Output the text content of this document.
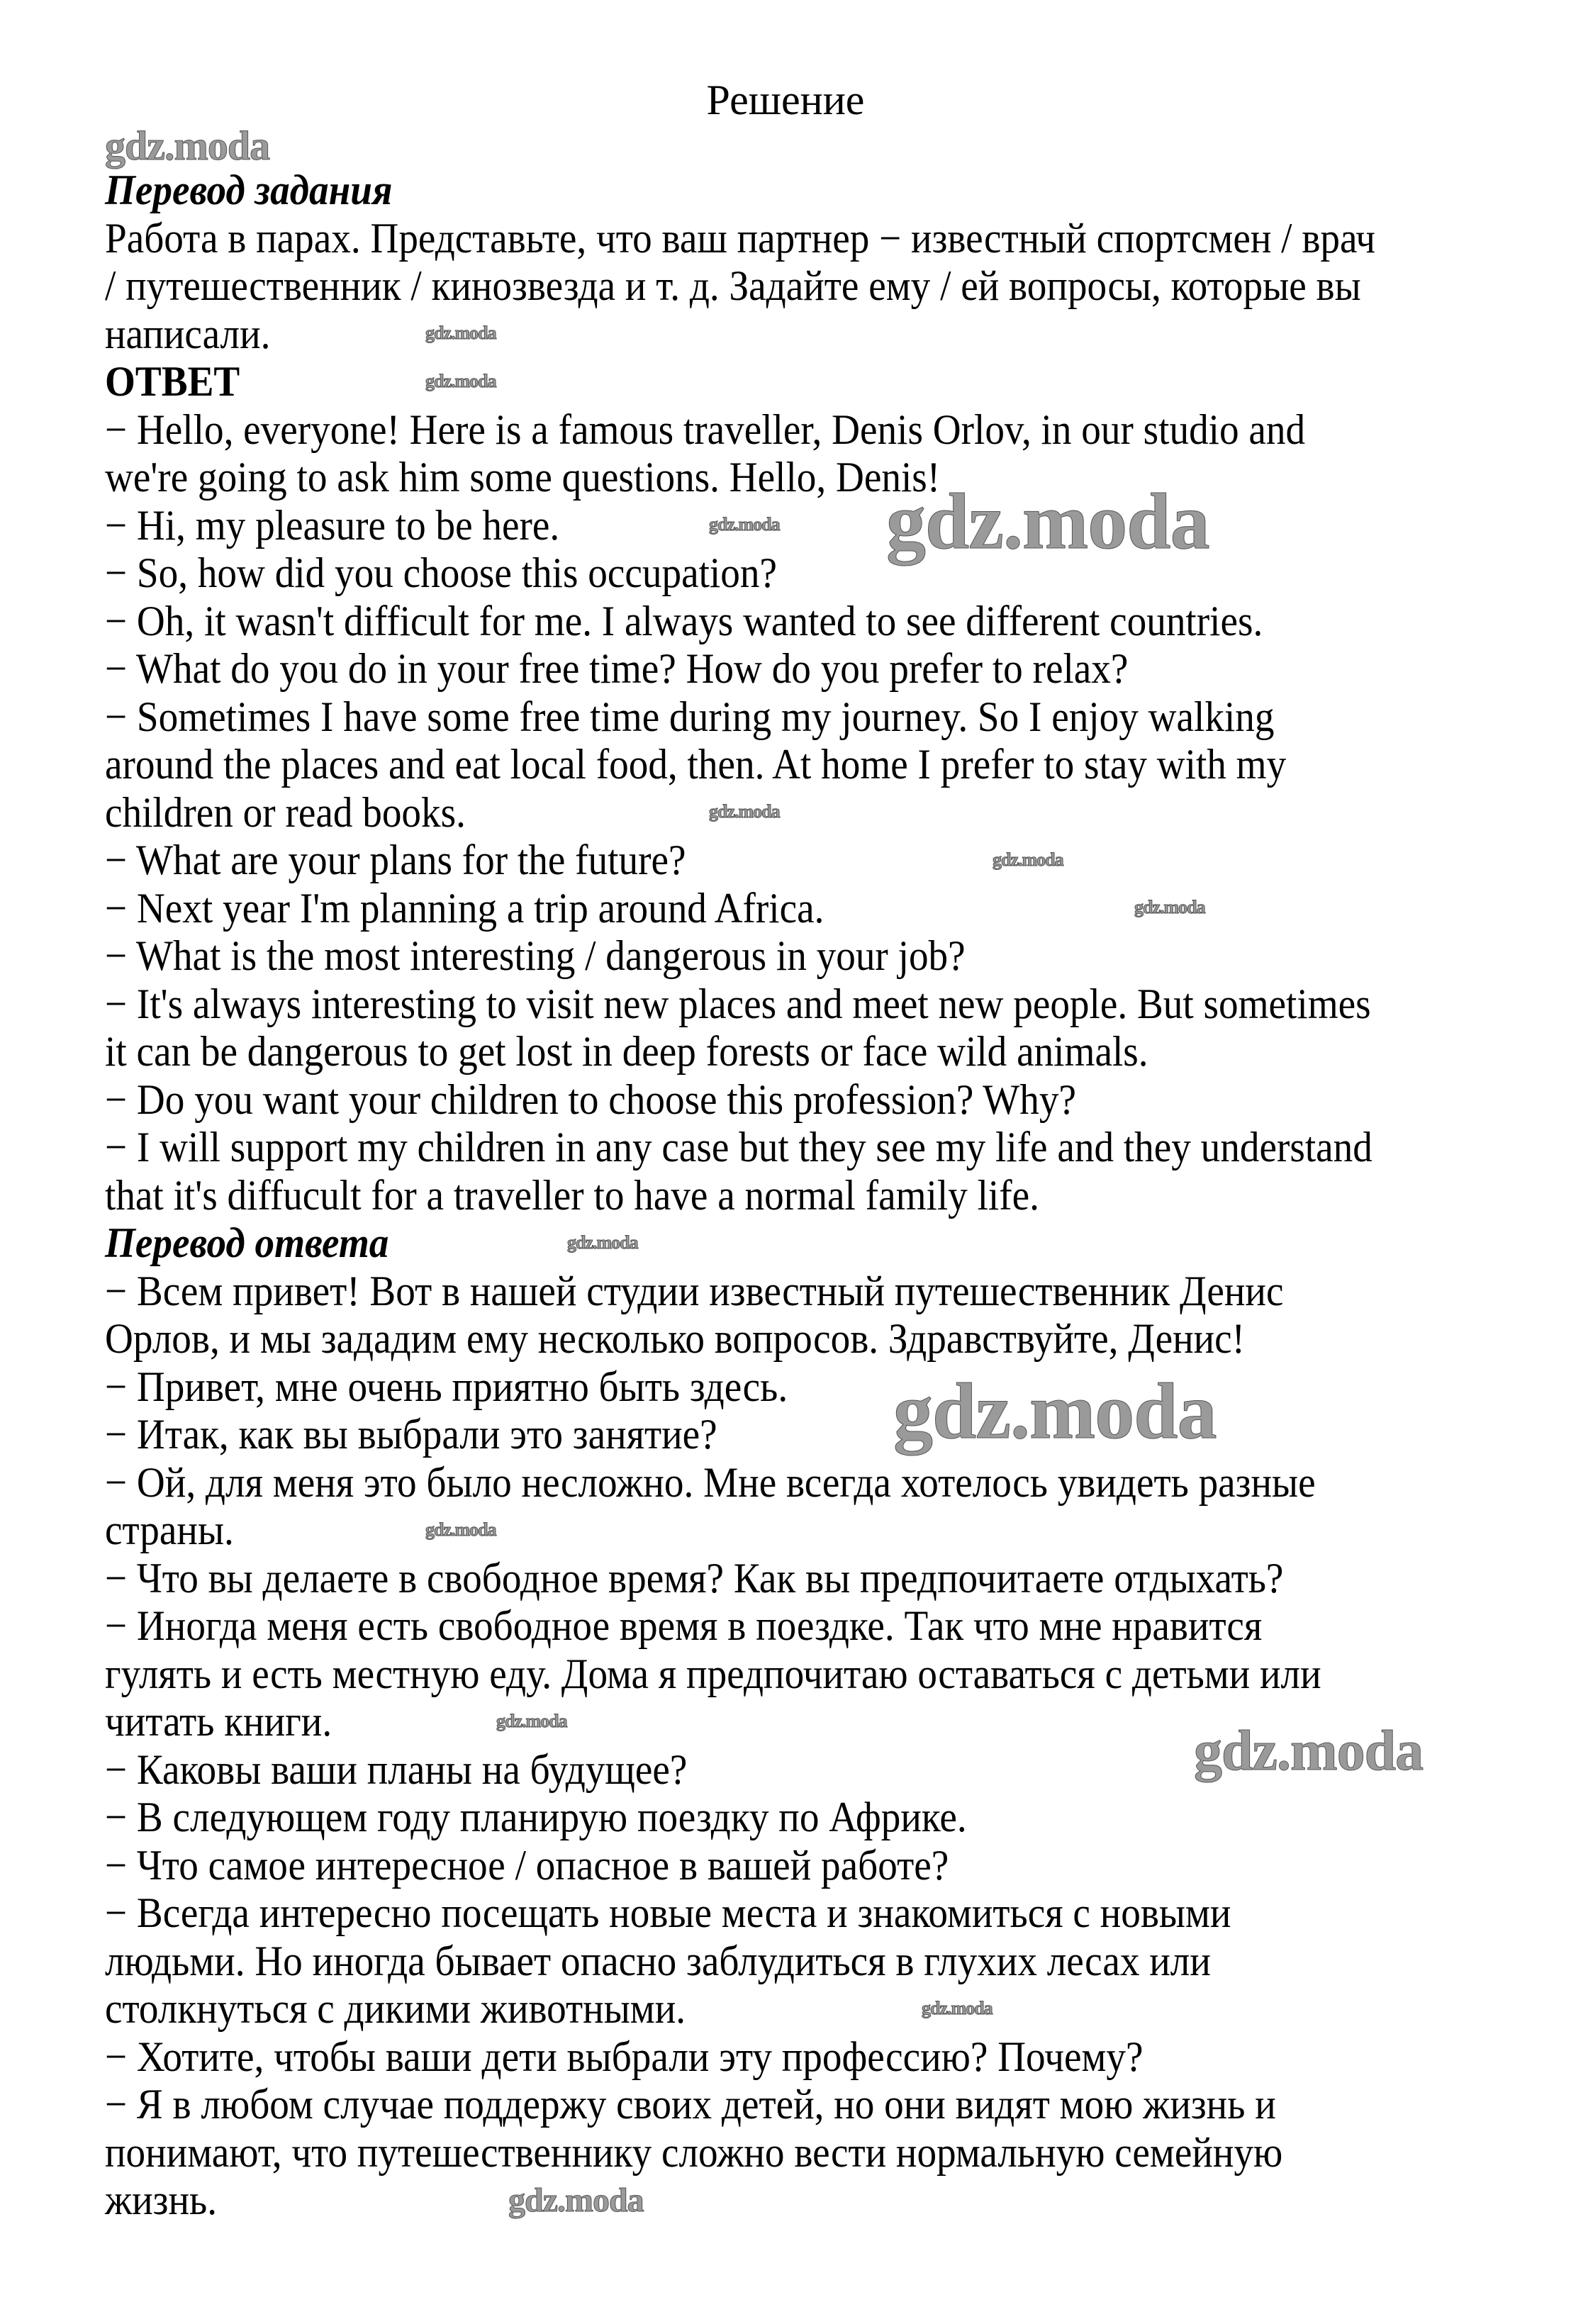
Решение
Перевод задания
Работа в парах. Представьте, что ваш партнер − известный спортсмен / врач
/ путешественник / кинозвезда и т. д. Задайте ему / ей вопросы, которые вы
написали.
ОТВЕТ
− Hello, everyone! Here is a famous traveller, Denis Orlov, in our studio and
we're going to ask him some questions. Hello, Denis!
− Hi, my pleasure to be here.
− So, how did you choose this occupation?
− Oh, it wasn't difficult for me. I always wanted to see different countries.
− What do you do in your free time? How do you prefer to relax?
− Sometimes I have some free time during my journey. So I enjoy walking
around the places and eat local food, then. At home I prefer to stay with my
children or read books.
− What are your plans for the future?
− Next year I'm planning a trip around Africa.
− What is the most interesting / dangerous in your job?
− It's always interesting to visit new places and meet new people. But sometimes
it can be dangerous to get lost in deep forests or face wild animals.
− Do you want your children to choose this profession? Why?
− I will support my children in any case but they see my life and they understand
that it's diffucult for a traveller to have a normal family life.
Перевод ответа
− Всем привет! Вот в нашей студии известный путешественник Денис
Орлов, и мы зададим ему несколько вопросов. Здравствуйте, Денис!
− Привет, мне очень приятно быть здесь.
− Итак, как вы выбрали это занятие?
− Ой, для меня это было несложно. Мне всегда хотелось увидеть разные
страны.
− Что вы делаете в свободное время? Как вы предпочитаете отдыхать?
− Иногда меня есть свободное время в поездке. Так что мне нравится
гулять и есть местную еду. Дома я предпочитаю оставаться с детьми или
читать книги.
− Каковы ваши планы на будущее?
− В следующем году планирую поездку по Африке.
− Что самое интересное / опасное в вашей работе?
− Всегда интересно посещать новые места и знакомиться с новыми
людьми. Но иногда бывает опасно заблудиться в глухих лесах или
столкнуться с дикими животными.
− Хотите, чтобы ваши дети выбрали эту профессию? Почему?
− Я в любом случае поддержу своих детей, но они видят мою жизнь и
понимают, что путешественнику сложно вести нормальную семейную
жизнь.
gdz.moda
gdz.moda
gdz.moda
gdz.moda
gdz.moda
gdz.moda
gdz.moda
gdz.moda
gdz.moda
gdz.moda
gdz.moda
gdz.moda
gdz.moda
gdz.moda
gdz.moda
